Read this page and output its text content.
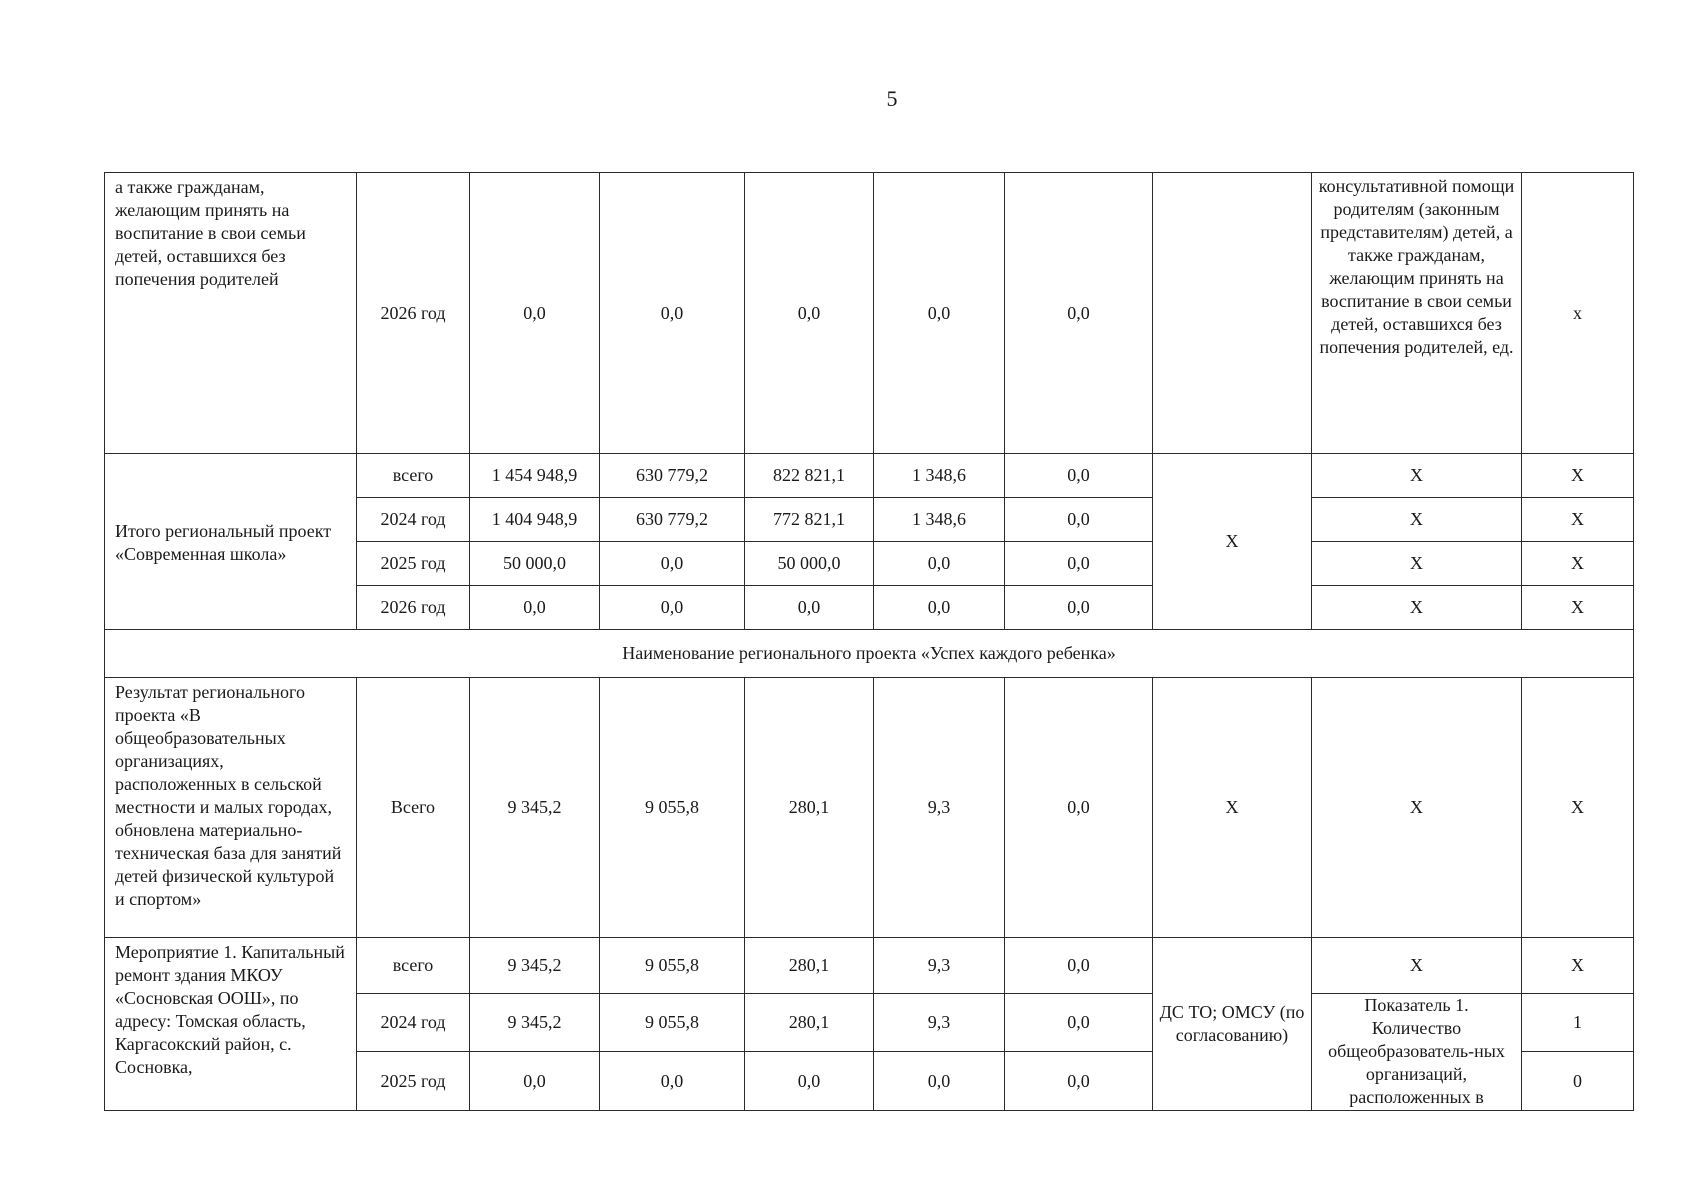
5
а также гражданам, желающим принять на воспитание в свои семьи детей, оставшихся без попечения родителей	2026 год	0,0	0,0	0,0	0,0	0,0		консультативной помощи родителям (законным представителям) детей, а также гражданам, желающим принять на воспитание в свои семьи детей, оставшихся без попечения родителей, ед.	х
Итого региональный проект «Современная школа»	всего	1 454 948,9	630 779,2	822 821,1	1 348,6	0,0	X	X	X
	2024 год	1 404 948,9	630 779,2	772 821,1	1 348,6	0,0		X	X
	2025 год	50 000,0	0,0	50 000,0	0,0	0,0		X	X
	2026 год	0,0	0,0	0,0	0,0	0,0		X	X
Наименование регионального проекта «Успех каждого ребенка»									
Результат регионального проекта «В общеобразовательных организациях, расположенных в сельской местности и малых городах, обновлена материально-техническая база для занятий детей физической культурой и спортом»	Всего	9 345,2	9 055,8	280,1	9,3	0,0	X	X	X
Мероприятие 1. Капитальный ремонт здания МКОУ «Сосновская ООШ», по адресу: Томская область, Каргасокский район, с. Сосновка,	всего	9 345,2	9 055,8	280,1	9,3	0,0	ДС ТО; ОМСУ (по согласованию)	X	X
	2024 год	9 345,2	9 055,8	280,1	9,3	0,0		Показатель 1. Количество общеобразователь-ных организаций, расположенных в	1
	2025 год	0,0	0,0	0,0	0,0	0,0			0
